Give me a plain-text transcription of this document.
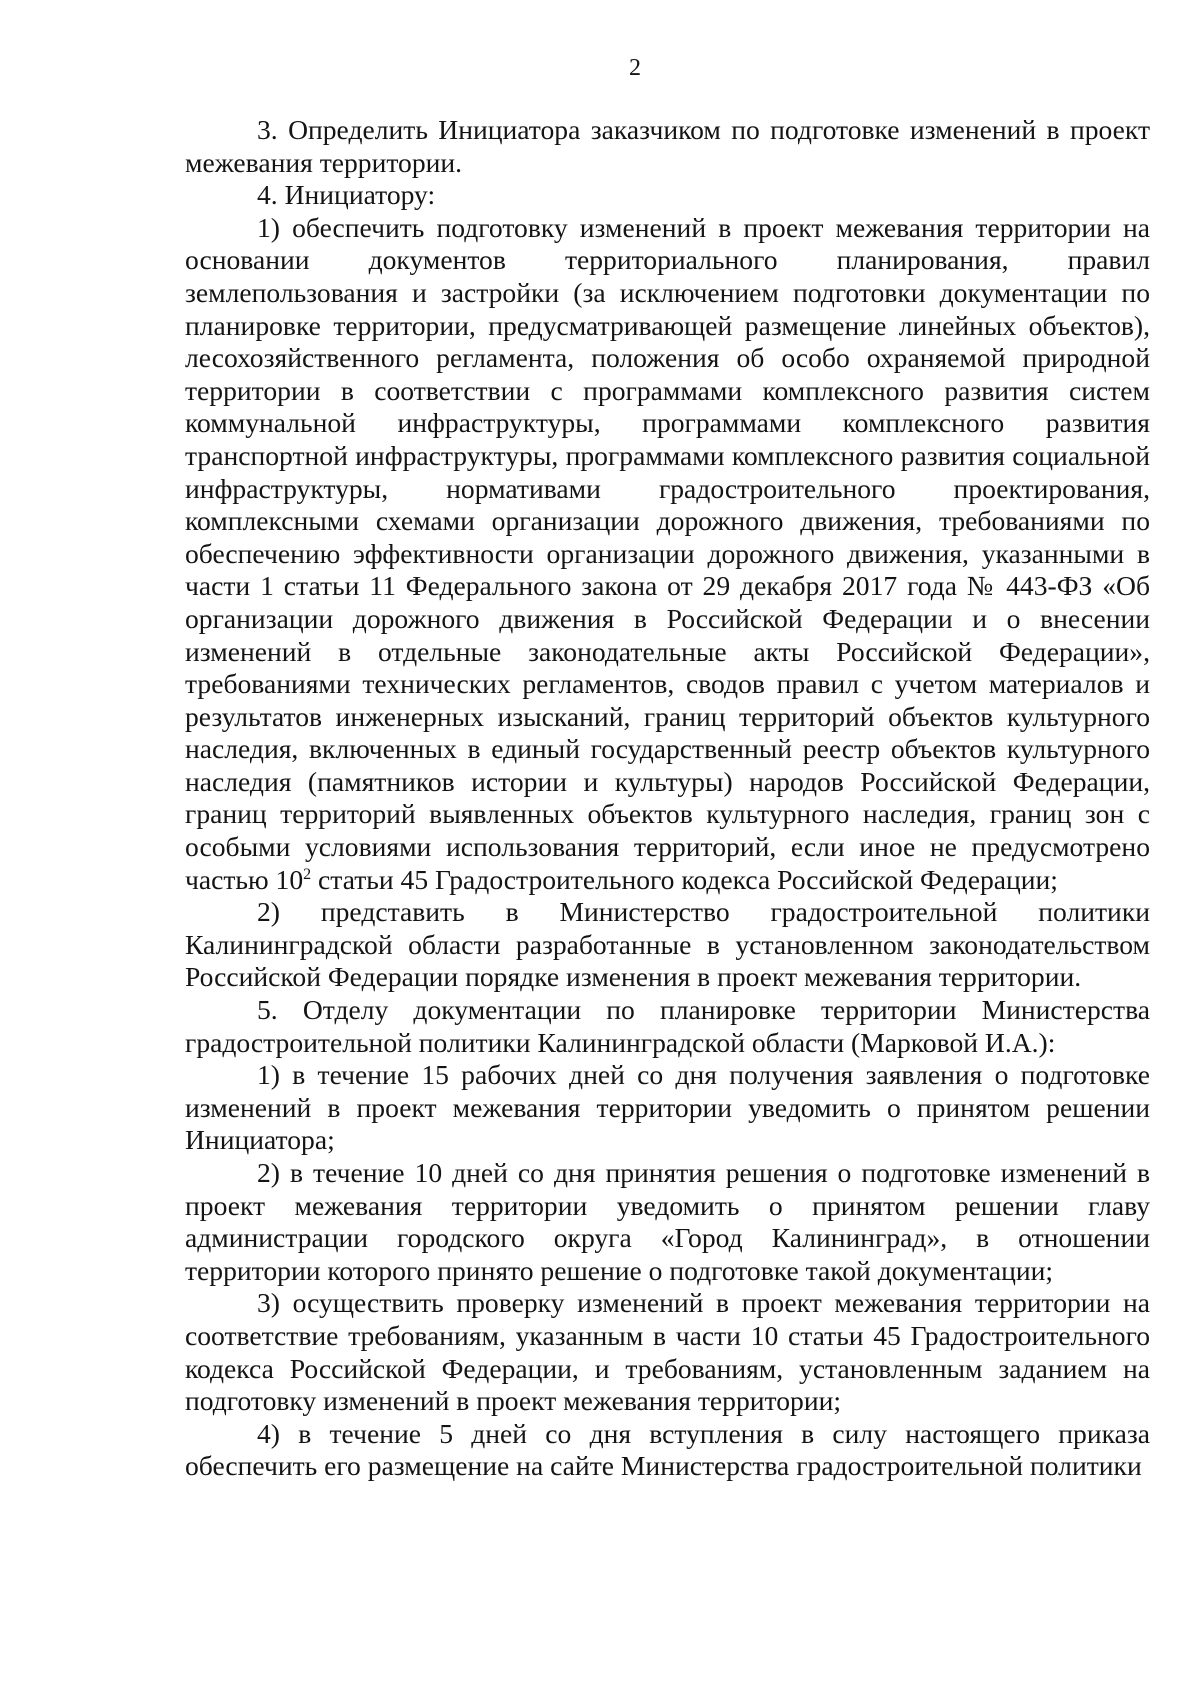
2

3. Определить Инициатора заказчиком по подготовке изменений в проект межевания территории.

4. Инициатору:

1) обеспечить подготовку изменений в проект межевания территории на основании документов территориального планирования, правил землепользования и застройки (за исключением подготовки документации по планировке территории, предусматривающей размещение линейных объектов), лесохозяйственного регламента, положения об особо охраняемой природной территории в соответствии с программами комплексного развития систем коммунальной инфраструктуры, программами комплексного развития транспортной инфраструктуры, программами комплексного развития социальной инфраструктуры, нормативами градостроительного проектирования, комплексными схемами организации дорожного движения, требованиями по обеспечению эффективности организации дорожного движения, указанными в части 1 статьи 11 Федерального закона от 29 декабря 2017 года № 443-ФЗ «Об организации дорожного движения в Российской Федерации и о внесении изменений в отдельные законодательные акты Российской Федерации», требованиями технических регламентов, сводов правил с учетом материалов и результатов инженерных изысканий, границ территорий объектов культурного наследия, включенных в единый государственный реестр объектов культурного наследия (памятников истории и культуры) народов Российской Федерации, границ территорий выявленных объектов культурного наследия, границ зон с особыми условиями использования территорий, если иное не предусмотрено частью $10^2$ статьи 45 Градостроительного кодекса Российской Федерации;

2) представить в Министерство градостроительной политики Калининградской области разработанные в установленном законодательством Российской Федерации порядке изменения в проект межевания территории.

5. Отделу документации по планировке территории Министерства градостроительной политики Калининградской области (Марковой И.А.):

1) в течение 15 рабочих дней со дня получения заявления о подготовке изменений в проект межевания территории уведомить о принятом решении Инициатора;

2) в течение 10 дней со дня принятия решения о подготовке изменений в проект межевания территории уведомить о принятом решении главу администрации городского округа «Город Калининград», в отношении территории которого принято решение о подготовке такой документации;

3) осуществить проверку изменений в проект межевания территории на соответствие требованиям, указанным в части 10 статьи 45 Градостроительного кодекса Российской Федерации, и требованиям, установленным заданием на подготовку изменений в проект межевания территории;

4) в течение 5 дней со дня вступления в силу настоящего приказа обеспечить его размещение на сайте Министерства градостроительной политики
